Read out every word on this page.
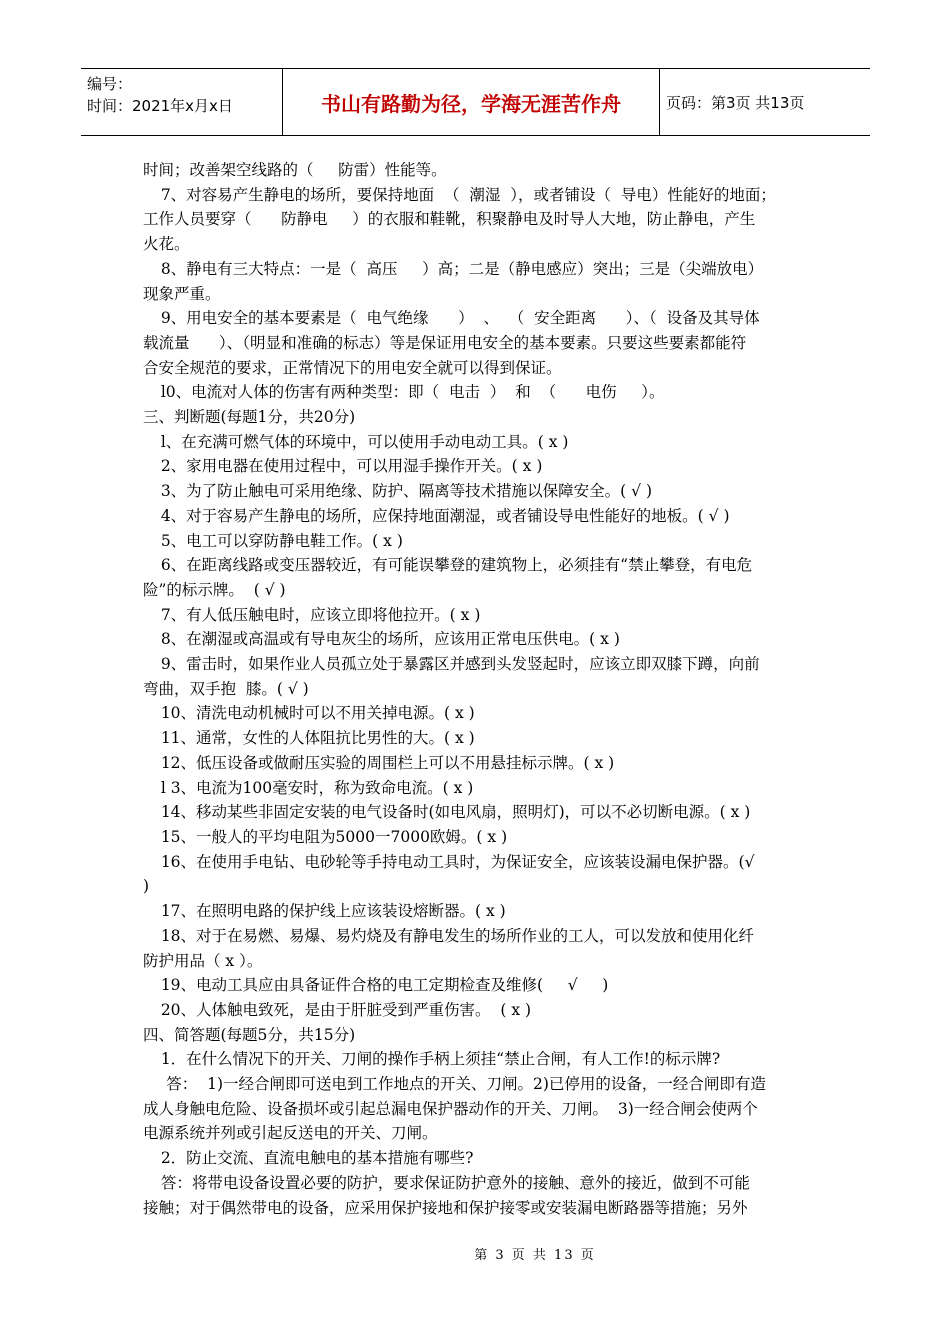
编号：
时间：2021年x月x日	书山有路勤为径，学海无涯苦作舟	页码：第3页 共13页

时间；改善架空线路的（     防雷）性能等。

7、对容易产生静电的场所，要保持地面  （  潮湿  ），或者铺设（  导电）性能好的地面；

工作人员要穿（      防静电     ）的衣服和鞋靴，积聚静电及时导人大地，防止静电，产生

火花。

8、静电有三大特点：一是（  高压     ）高；二是（静电感应）突出；三是（尖端放电）

现象严重。

9、用电安全的基本要素是（  电气绝缘      ）  、  （  安全距离      ）、（  设备及其导体

载流量      ）、（明显和准确的标志）等是保证用电安全的基本要素。只要这些要素都能符

合安全规范的要求，正常情况下的用电安全就可以得到保证。

l0、电流对人体的伤害有两种类型：即（  电击  ）  和  （      电伤     ）。

三、判断题(每题1分，共20分)

l、在充满可燃气体的环境中，可以使用手动电动工具。( x )

2、家用电器在使用过程中，可以用湿手操作开关。( x )

3、为了防止触电可采用绝缘、防护、隔离等技术措施以保障安全。( √ )

4、对于容易产生静电的场所，应保持地面潮湿，或者铺设导电性能好的地板。( √ )

5、电工可以穿防静电鞋工作。( x )

6、在距离线路或变压器较近，有可能误攀登的建筑物上，必须挂有“禁止攀登，有电危

险”的标示牌。  ( √ )

7、有人低压触电时，应该立即将他拉开。( x )

8、在潮湿或高温或有导电灰尘的场所，应该用正常电压供电。( x )

9、雷击时，如果作业人员孤立处于暴露区并感到头发竖起时，应该立即双膝下蹲，向前

弯曲，双手抱  膝。( √ )

10、清洗电动机械时可以不用关掉电源。( x )

11、通常，女性的人体阻抗比男性的大。( x )

12、低压设备或做耐压实验的周围栏上可以不用悬挂标示牌。( x )

l 3、电流为100毫安时，称为致命电流。( x )

14、移动某些非固定安装的电气设备时(如电风扇，照明灯)，可以不必切断电源。( x )

15、一般人的平均电阻为5000一7000欧姆。( x )

16、在使用手电钻、电砂轮等手持电动工具时，为保证安全，应该装设漏电保护器。(√

)

17、在照明电路的保护线上应该装设熔断器。( x )

18、对于在易燃、易爆、易灼烧及有静电发生的场所作业的工人，可以发放和使用化纤

防护用品（ x ）。

19、电动工具应由具备证件合格的电工定期检查及维修(     √     )

20、人体触电致死，是由于肝脏受到严重伤害。  ( x )

四、简答题(每题5分，共15分)

1．在什么情况下的开关、刀闸的操作手柄上须挂“禁止合闸，有人工作!的标示牌?

答：  1)一经合闸即可送电到工作地点的开关、刀闸。2)已停用的设备，一经合闸即有造

成人身触电危险、设备损坏或引起总漏电保护器动作的开关、刀闸。  3)一经合闸会使两个

电源系统并列或引起反送电的开关、刀闸。

2．防止交流、直流电触电的基本措施有哪些?

答：将带电设备设置必要的防护，要求保证防护意外的接触、意外的接近，做到不可能

接触；对于偶然带电的设备，应采用保护接地和保护接零或安装漏电断路器等措施；另外

第 3 页 共 13 页
